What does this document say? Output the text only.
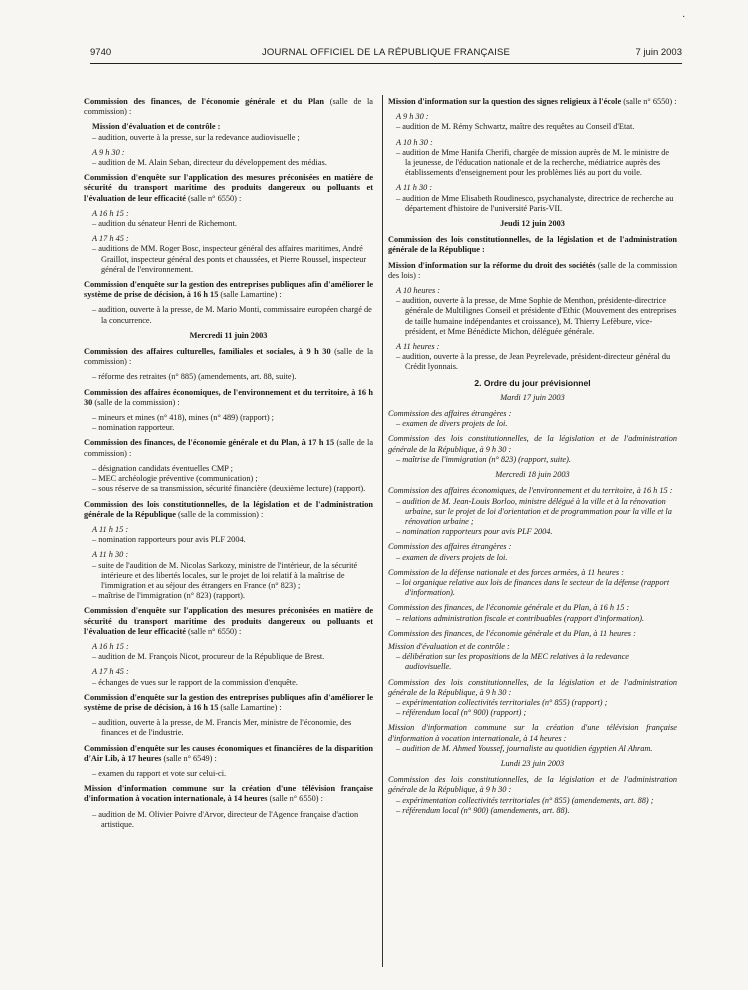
·
9740	JOURNAL OFFICIEL DE LA RÉPUBLIQUE FRANÇAISE	7 juin 2003
Commission des finances, de l'économie générale et du Plan (salle de la commission) :
Mission d'évaluation et de contrôle :
– audition, ouverte à la presse, sur la redevance audiovisuelle ;
A 9 h 30 :
– audition de M. Alain Seban, directeur du développement des médias.
Commission d'enquête sur l'application des mesures préconisées en matière de sécurité du transport maritime des produits dangereux ou polluants et l'évaluation de leur efficacité (salle n° 6550) :
A 16 h 15 :
– audition du sénateur Henri de Richemont.
A 17 h 45 :
– auditions de MM. Roger Bosc, inspecteur général des affaires maritimes, André Graillot, inspecteur général des ponts et chaussées, et Pierre Roussel, inspecteur général de l'environnement.
Commission d'enquête sur la gestion des entreprises publiques afin d'améliorer le système de prise de décision, à 16 h 15 (salle Lamartine) :
– audition, ouverte à la presse, de M. Mario Monti, commissaire européen chargé de la concurrence.
Mercredi 11 juin 2003
Commission des affaires culturelles, familiales et sociales, à 9 h 30 (salle de la commission) :
– réforme des retraites (n° 885) (amendements, art. 88, suite).
Commission des affaires économiques, de l'environnement et du territoire, à 16 h 30 (salle de la commission) :
– mineurs et mines (n° 418), mines (n° 489) (rapport) ;
– nomination rapporteur.
Commission des finances, de l'économie générale et du Plan, à 17 h 15 (salle de la commission) :
– désignation candidats éventuelles CMP ;
– MEC archéologie préventive (communication) ;
– sous réserve de sa transmission, sécurité financière (deuxième lecture) (rapport).
Commission des lois constitutionnelles, de la législation et de l'administration générale de la République (salle de la commission) :
A 11 h 15 :
– nomination rapporteurs pour avis PLF 2004.
A 11 h 30 :
– suite de l'audition de M. Nicolas Sarkozy, ministre de l'intérieur, de la sécurité intérieure et des libertés locales, sur le projet de loi relatif à la maîtrise de l'immigration et au séjour des étrangers en France (n° 823) ;
– maîtrise de l'immigration (n° 823) (rapport).
Commission d'enquête sur l'application des mesures préconisées en matière de sécurité du transport maritime des produits dangereux ou polluants et l'évaluation de leur efficacité (salle n° 6550) :
A 16 h 15 :
– audition de M. François Nicot, procureur de la République de Brest.
A 17 h 45 :
– échanges de vues sur le rapport de la commission d'enquête.
Commission d'enquête sur la gestion des entreprises publiques afin d'améliorer le système de prise de décision, à 16 h 15 (salle Lamartine) :
– audition, ouverte à la presse, de M. Francis Mer, ministre de l'économie, des finances et de l'industrie.
Commission d'enquête sur les causes économiques et financières de la disparition d'Air Lib, à 17 heures (salle n° 6549) :
– examen du rapport et vote sur celui-ci.
Mission d'information commune sur la création d'une télévision française d'information à vocation internationale, à 14 heures (salle n° 6550) :
– audition de M. Olivier Poivre d'Arvor, directeur de l'Agence française d'action artistique.
Mission d'information sur la question des signes religieux à l'école (salle n° 6550) :
A 9 h 30 :
– audition de M. Rémy Schwartz, maître des requêtes au Conseil d'Etat.
A 10 h 30 :
– audition de Mme Hanifa Cherifi, chargée de mission auprès de M. le ministre de la jeunesse, de l'éducation nationale et de la recherche, médiatrice auprès des établissements d'enseignement pour les problèmes liés au port du voile.
A 11 h 30 :
– audition de Mme Elisabeth Roudinesco, psychanalyste, directrice de recherche au département d'histoire de l'université Paris-VII.
Jeudi 12 juin 2003
Commission des lois constitutionnelles, de la législation et de l'administration générale de la République :
Mission d'information sur la réforme du droit des sociétés (salle de la commission des lois) :
A 10 heures :
– audition, ouverte à la presse, de Mme Sophie de Menthon, présidente-directrice générale de Multilignes Conseil et présidente d'Ethic (Mouvement des entreprises de taille humaine indépendantes et croissance), M. Thierry Lefèbure, vice-président, et Mme Bénédicte Michon, déléguée générale.
A 11 heures :
– audition, ouverte à la presse, de Jean Peyrelevade, président-directeur général du Crédit lyonnais.
2. Ordre du jour prévisionnel
Mardi 17 juin 2003
Commission des affaires étrangères :
– examen de divers projets de loi.
Commission des lois constitutionnelles, de la législation et de l'administration générale de la République, à 9 h 30 :
– maîtrise de l'immigration (n° 823) (rapport, suite).
Mercredi 18 juin 2003
Commission des affaires économiques, de l'environnement et du territoire, à 16 h 15 :
– audition de M. Jean-Louis Borloo, ministre délégué à la ville et à la rénovation urbaine, sur le projet de loi d'orientation et de programmation pour la ville et la rénovation urbaine ;
– nomination rapporteurs pour avis PLF 2004.
Commission des affaires étrangères :
– examen de divers projets de loi.
Commission de la défense nationale et des forces armées, à 11 heures :
– loi organique relative aux lois de finances dans le secteur de la défense (rapport d'information).
Commission des finances, de l'économie générale et du Plan, à 16 h 15 :
– relations administration fiscale et contribuables (rapport d'information).
Commission des finances, de l'économie générale et du Plan, à 11 heures :
Mission d'évaluation et de contrôle :
– délibération sur les propositions de la MEC relatives à la redevance audiovisuelle.
Commission des lois constitutionnelles, de la législation et de l'administration générale de la République, à 9 h 30 :
– expérimentation collectivités territoriales (n° 855) (rapport) ;
– référendum local (n° 900) (rapport) ;
Mission d'information commune sur la création d'une télévision française d'information à vocation internationale, à 14 heures :
– audition de M. Ahmed Youssef, journaliste au quotidien égyptien Al Ahram.
Lundi 23 juin 2003
Commission des lois constitutionnelles, de la législation et de l'administration générale de la République, à 9 h 30 :
– expérimentation collectivités territoriales (n° 855) (amendements, art. 88) ;
– référendum local (n° 900) (amendements, art. 88).
